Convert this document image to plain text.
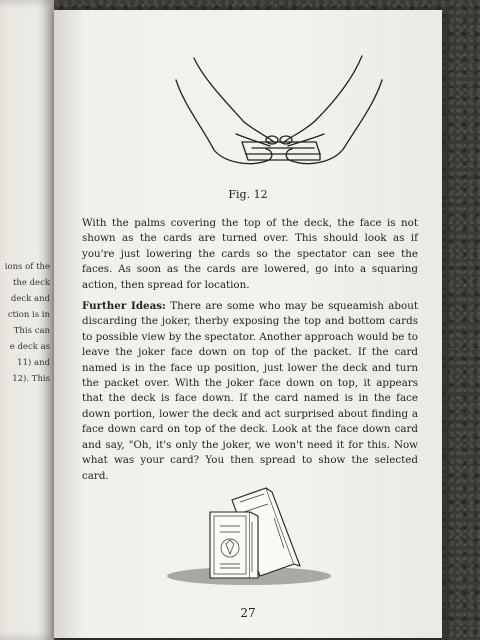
ions of the
the deck
deck and
ction is in
This can
e deck as
11) and
12). This
Fig. 12

With the palms covering the top of the deck, the face is not shown as the cards are turned over. This should look as if you're just lowering the cards so the spectator can see the faces. As soon as the cards are lowered, go into a squaring action, then spread for location.

Further Ideas: There are some who may be squeamish about discarding the joker, therby exposing the top and bottom cards to possible view by the spectator. Another approach would be to leave the joker face down on top of the packet. If the card named is in the face up position, just lower the deck and turn the packet over. With the joker face down on top, it appears that the deck is face down. If the card named is in the face down portion, lower the deck and act surprised about finding a face down card on top of the deck. Look at the face down card and say, "Oh, it's only the joker, we won't need it for this. Now what was your card? You then spread to show the selected card.

27
